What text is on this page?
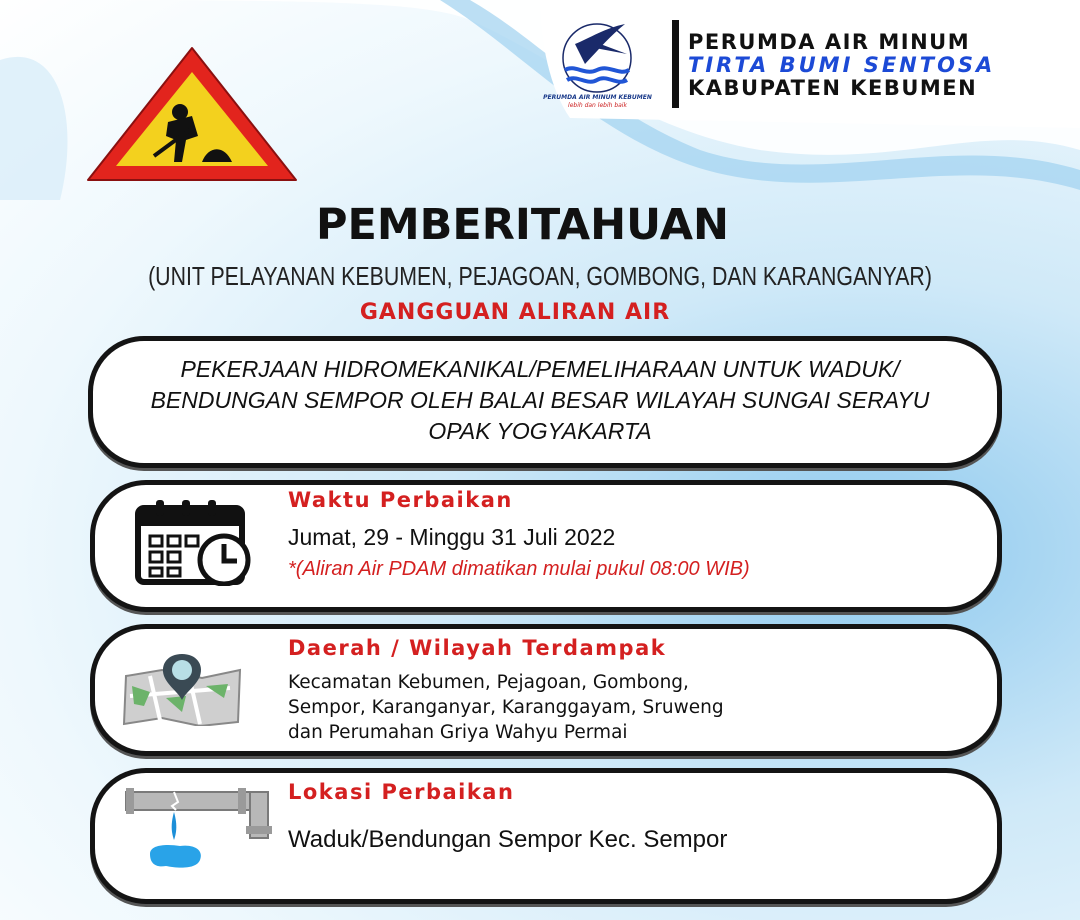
PERUMDA AIR MINUM KEBUMEN
lebih dan lebih baik
PERUMDA AIR MINUM
TIRTA BUMI SENTOSA
KABUPATEN KEBUMEN
PEMBERITAHUAN
(UNIT PELAYANAN KEBUMEN, PEJAGOAN, GOMBONG, DAN KARANGANYAR)
GANGGUAN ALIRAN AIR
PEKERJAAN HIDROMEKANIKAL/PEMELIHARAAN UNTUK WADUK/
BENDUNGAN SEMPOR OLEH BALAI BESAR WILAYAH SUNGAI SERAYU
OPAK YOGYAKARTA
Waktu Perbaikan
Jumat, 29 - Minggu 31 Juli 2022
*(Aliran Air PDAM dimatikan mulai pukul 08:00 WIB)
Daerah / Wilayah Terdampak
Kecamatan Kebumen, Pejagoan, Gombong,
Sempor, Karanganyar, Karanggayam, Sruweng
dan Perumahan Griya Wahyu Permai
Lokasi Perbaikan
Waduk/Bendungan Sempor Kec. Sempor
